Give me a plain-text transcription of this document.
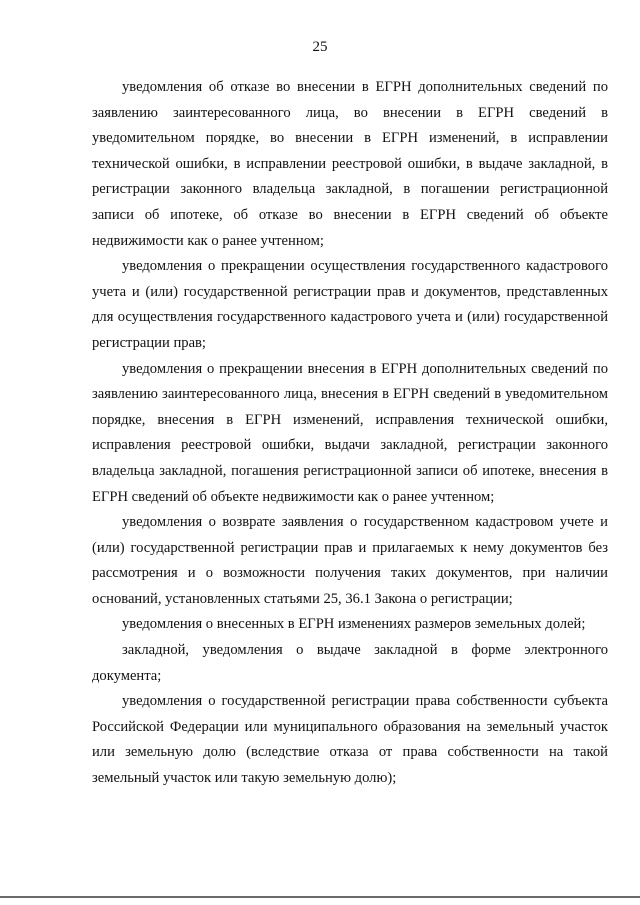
25

уведомления об отказе во внесении в ЕГРН дополнительных сведений по заявлению заинтересованного лица, во внесении в ЕГРН сведений в уведомительном порядке, во внесении в ЕГРН изменений, в исправлении технической ошибки, в исправлении реестровой ошибки, в выдаче закладной, в регистрации законного владельца закладной, в погашении регистрационной записи об ипотеке, об отказе во внесении в ЕГРН сведений об объекте недвижимости как о ранее учтенном;

уведомления о прекращении осуществления государственного кадастрового учета и (или) государственной регистрации прав и документов, представленных для осуществления государственного кадастрового учета и (или) государственной регистрации прав;

уведомления о прекращении внесения в ЕГРН дополнительных сведений по заявлению заинтересованного лица, внесения в ЕГРН сведений в уведомительном порядке, внесения в ЕГРН изменений, исправления технической ошибки, исправления реестровой ошибки, выдачи закладной, регистрации законного владельца закладной, погашения регистрационной записи об ипотеке, внесения в ЕГРН сведений об объекте недвижимости как о ранее учтенном;

уведомления о возврате заявления о государственном кадастровом учете и (или) государственной регистрации прав и прилагаемых к нему документов без рассмотрения и о возможности получения таких документов, при наличии оснований, установленных статьями 25, 36.1 Закона о регистрации;

уведомления о внесенных в ЕГРН изменениях размеров земельных долей;

закладной, уведомления о выдаче закладной в форме электронного документа;

уведомления о государственной регистрации права собственности субъекта Российской Федерации или муниципального образования на земельный участок или земельную долю (вследствие отказа от права собственности на такой земельный участок или такую земельную долю);
